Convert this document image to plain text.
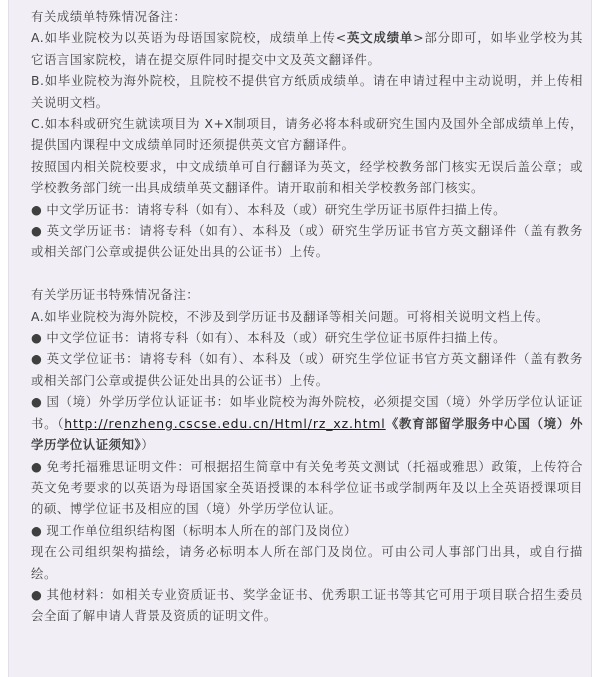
有关成绩单特殊情况备注：

A.如毕业院校为以英语为母语国家院校，成绩单上传<英文成绩单>部分即可，如毕业学校为其它语言国家院校，请在提交原件同时提交中文及英文翻译件。

B.如毕业院校为海外院校，且院校不提供官方纸质成绩单。请在申请过程中主动说明，并上传相关说明文档。

C.如本科或研究生就读项目为 X+X制项目，请务必将本科或研究生国内及国外全部成绩单上传，提供国内课程中文成绩单同时还须提供英文官方翻译件。

按照国内相关院校要求，中文成绩单可自行翻译为英文，经学校教务部门核实无误后盖公章；或学校教务部门统一出具成绩单英文翻译件。请开取前和相关学校教务部门核实。

● 中文学历证书：请将专科（如有）、本科及（或）研究生学历证书原件扫描上传。

● 英文学历证书：请将专科（如有）、本科及（或）研究生学历证书官方英文翻译件（盖有教务或相关部门公章或提供公证处出具的公证书）上传。

有关学历证书特殊情况备注：

A.如毕业院校为海外院校，不涉及到学历证书及翻译等相关问题。可将相关说明文档上传。

● 中文学位证书：请将专科（如有）、本科及（或）研究生学位证书原件扫描上传。

● 英文学位证书：请将专科（如有）、本科及（或）研究生学位证书官方英文翻译件（盖有教务或相关部门公章或提供公证处出具的公证书）上传。

● 国（境）外学历学位认证证书：如毕业院校为海外院校，必须提交国（境）外学历学位认证证书。（http://renzheng.cscse.edu.cn/Html/rz_xz.html《教育部留学服务中心国（境）外学历学位认证须知》）

● 免考托福雅思证明文件：可根据招生简章中有关免考英文测试（托福或雅思）政策，上传符合英文免考要求的以英语为母语国家全英语授课的本科学位证书或学制两年及以上全英语授课项目的硕、博学位证书及相应的国（境）外学历学位认证。

● 现工作单位组织结构图（标明本人所在的部门及岗位）

现在公司组织架构描绘，请务必标明本人所在部门及岗位。可由公司人事部门出具，或自行描绘。

● 其他材料：如相关专业资质证书、奖学金证书、优秀职工证书等其它可用于项目联合招生委员会全面了解申请人背景及资质的证明文件。
